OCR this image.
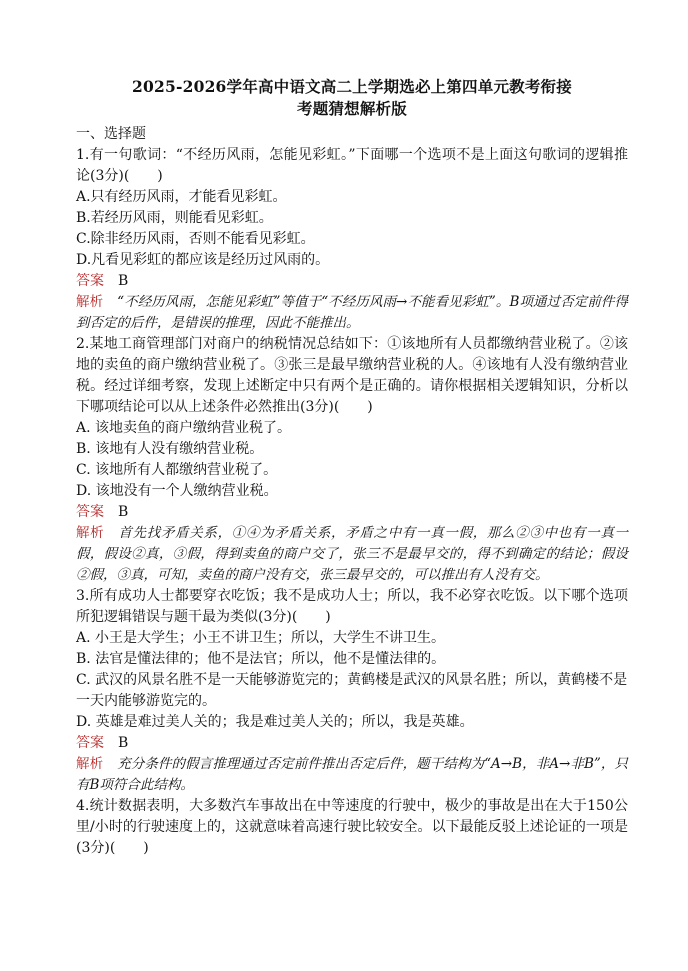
2025-2026学年高中语文高二上学期选必上第四单元教考衔接
考题猜想解析版
一、选择题

1.有一句歌词：“不经历风雨，怎能见彩虹。”下面哪一个选项不是上面这句歌词的逻辑推论(3分)(　　)

A.只有经历风雨，才能看见彩虹。

B.若经历风雨，则能看见彩虹。

C.除非经历风雨，否则不能看见彩虹。

D.凡看见彩虹的都应该是经历过风雨的。

答案 B

解析 “不经历风雨，怎能见彩虹”等值于“不经历风雨→不能看见彩虹”。B项通过否定前件得到否定的后件，是错误的推理，因此不能推出。

2.某地工商管理部门对商户的纳税情况总结如下：①该地所有人员都缴纳营业税了。②该地的卖鱼的商户缴纳营业税了。③张三是最早缴纳营业税的人。④该地有人没有缴纳营业税。经过详细考察，发现上述断定中只有两个是正确的。请你根据相关逻辑知识，分析以下哪项结论可以从上述条件必然推出(3分)(　　)

A. 该地卖鱼的商户缴纳营业税了。

B. 该地有人没有缴纳营业税。

C. 该地所有人都缴纳营业税了。

D. 该地没有一个人缴纳营业税。

答案 B

解析 首先找矛盾关系，①④为矛盾关系，矛盾之中有一真一假，那么②③中也有一真一假，假设②真，③假，得到卖鱼的商户交了，张三不是最早交的，得不到确定的结论；假设②假，③真，可知，卖鱼的商户没有交，张三最早交的，可以推出有人没有交。

3.所有成功人士都要穿衣吃饭；我不是成功人士；所以，我不必穿衣吃饭。以下哪个选项所犯逻辑错误与题干最为类似(3分)(　　)

A. 小王是大学生；小王不讲卫生；所以，大学生不讲卫生。

B. 法官是懂法律的；他不是法官；所以，他不是懂法律的。

C. 武汉的风景名胜不是一天能够游览完的；黄鹤楼是武汉的风景名胜；所以，黄鹤楼不是一天内能够游览完的。

D. 英雄是难过美人关的；我是难过美人关的；所以，我是英雄。

答案 B

解析 充分条件的假言推理通过否定前件推出否定后件，题干结构为“A→B，非A→非B”，只有B项符合此结构。

4.统计数据表明，大多数汽车事故出在中等速度的行驶中，极少的事故是出在大于150公里/小时的行驶速度上的，这就意味着高速行驶比较安全。以下最能反驳上述论证的一项是(3分)(　　)
